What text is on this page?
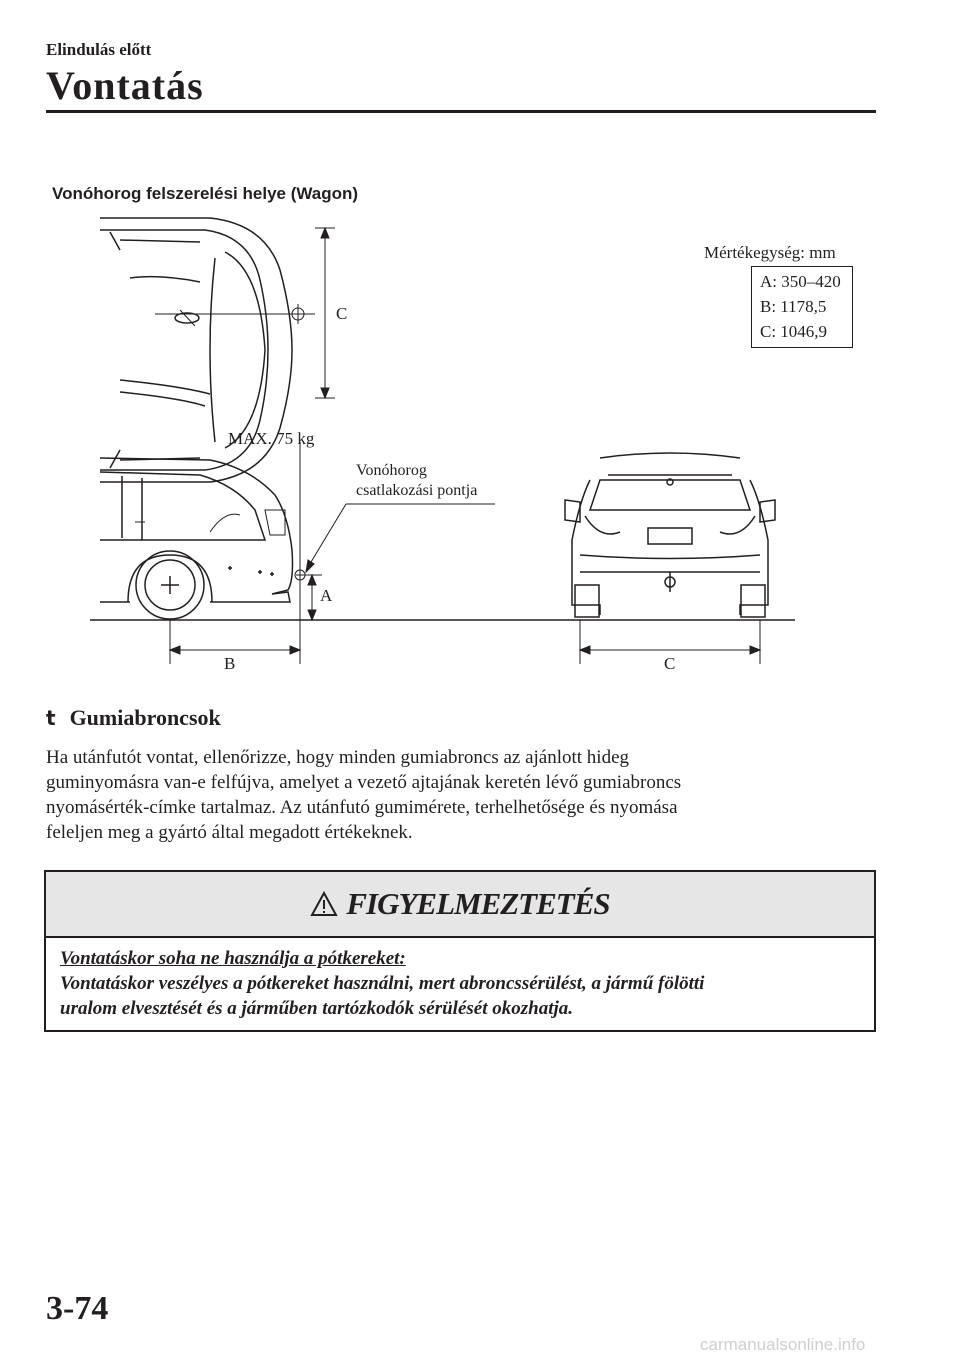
Elindulás előtt
Vontatás
Vonóhorog felszerelési helye (Wagon)
Mértékegység: mm
A: 350–420
B: 1178,5
C: 1046,9
C
MAX. 75 kg
Vonóhorog
csatlakozási pontja
A
B	C
t Gumiabroncsok
Ha utánfutót vontat, ellenőrizze, hogy minden gumiabroncs az ajánlott hideg
guminyomásra van-e felfújva, amelyet a vezető ajtajának keretén lévő gumiabroncs
nyomásérték-címke tartalmaz. Az utánfutó gumimérete, terhelhetősége és nyomása
feleljen meg a gyártó által megadott értékeknek.
FIGYELMEZTETÉS
Vontatáskor soha ne használja a pótkereket:
Vontatáskor veszélyes a pótkereket használni, mert abroncssérülést, a jármű fölötti
uralom elvesztését és a járműben tartózkodók sérülését okozhatja.
3-74
carmanualsonline.info
